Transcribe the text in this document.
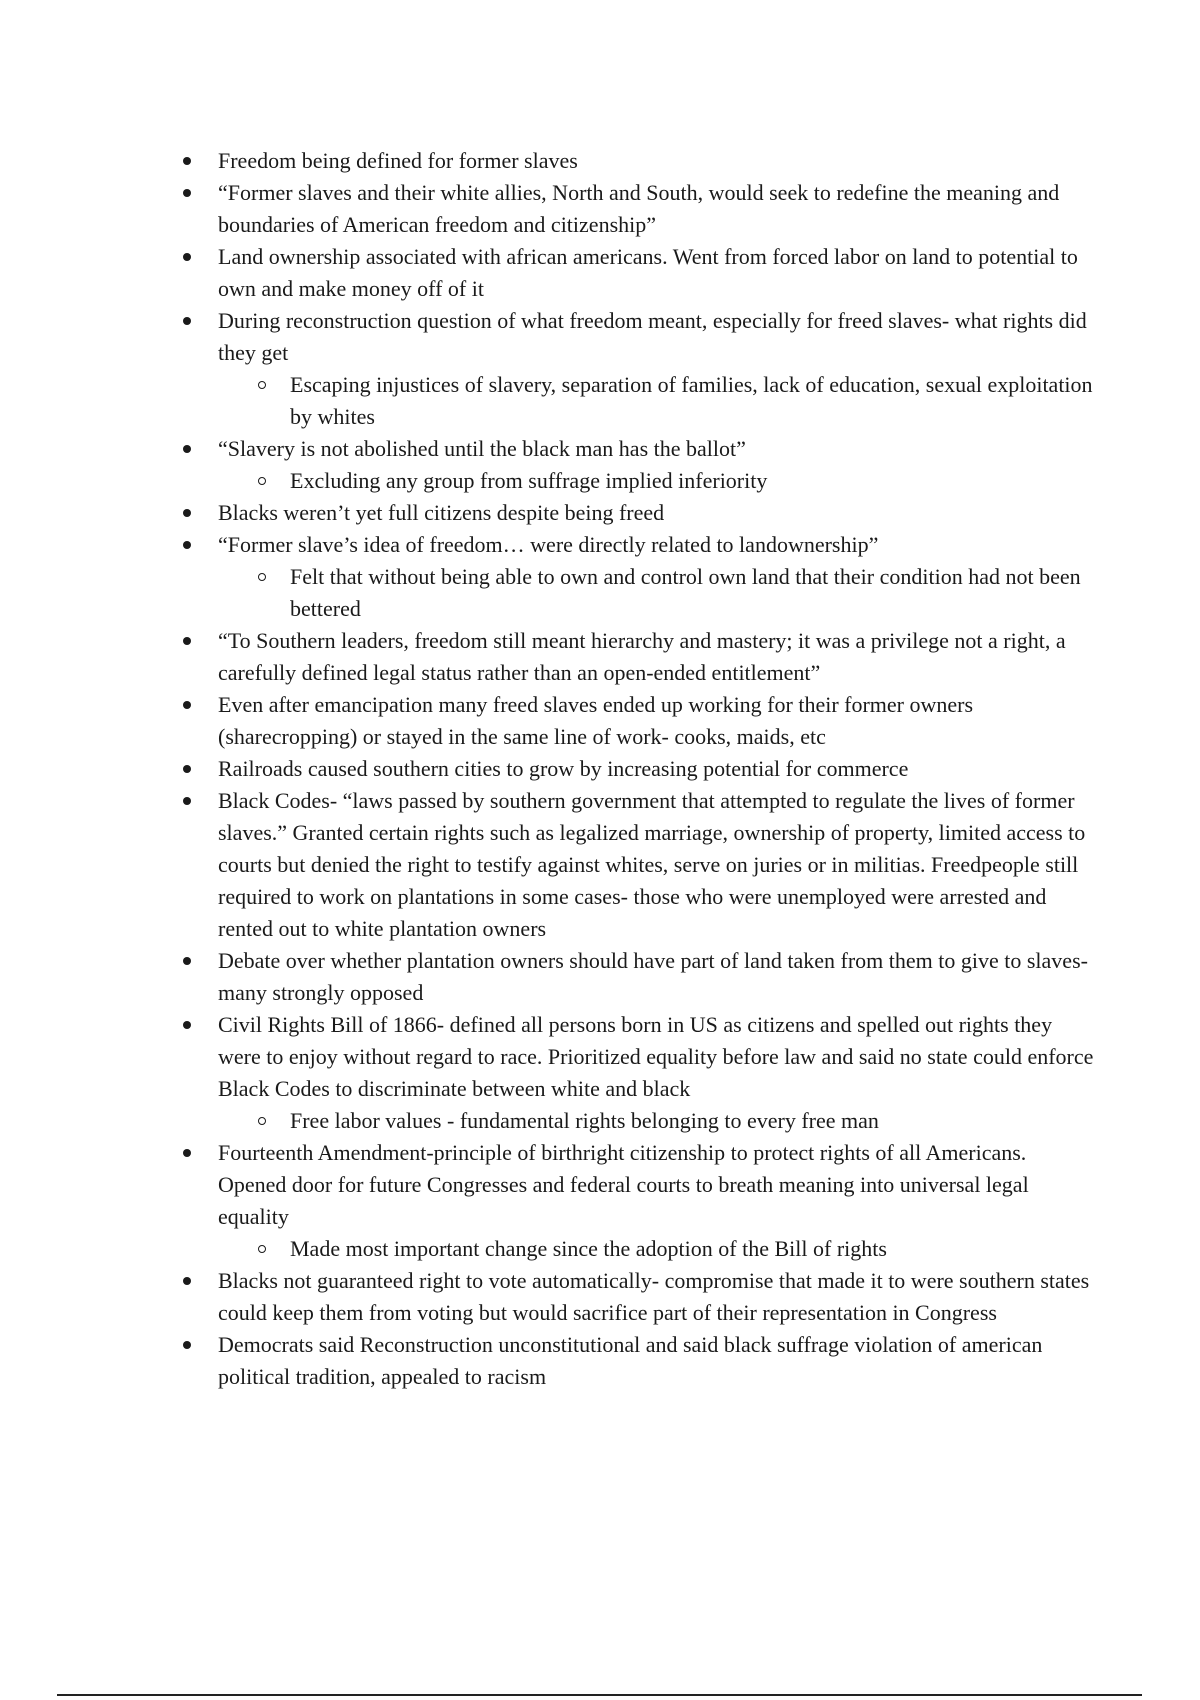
Freedom being defined for former slaves
“Former slaves and their white allies, North and South, would seek to redefine the meaning and boundaries of American freedom and citizenship”
Land ownership associated with african americans. Went from forced labor on land to potential to own and make money off of it
During reconstruction question of what freedom meant, especially for freed slaves- what rights did they get
Escaping injustices of slavery, separation of families, lack of education, sexual exploitation by whites
“Slavery is not abolished until the black man has the ballot”
Excluding any group from suffrage implied inferiority
Blacks weren’t yet full citizens despite being freed
“Former slave’s idea of freedom… were directly related to landownership”
Felt that without being able to own and control own land that their condition had not been bettered
“To Southern leaders, freedom still meant hierarchy and mastery; it was a privilege not a right, a carefully defined legal status rather than an open-ended entitlement”
Even after emancipation many freed slaves ended up working for their former owners (sharecropping) or stayed in the same line of work- cooks, maids, etc
Railroads caused southern cities to grow by increasing potential for commerce
Black Codes- “laws passed by southern government that attempted to regulate the lives of former slaves.” Granted certain rights such as legalized marriage, ownership of property, limited access to courts but denied the right to testify against whites, serve on juries or in militias. Freedpeople still required to work on plantations in some cases- those who were unemployed were arrested and rented out to white plantation owners
Debate over whether plantation owners should have part of land taken from them to give to slaves- many strongly opposed
Civil Rights Bill of 1866- defined all persons born in US as citizens and spelled out rights they were to enjoy without regard to race. Prioritized equality before law and said no state could enforce Black Codes to discriminate between white and black
Free labor values - fundamental rights belonging to every free man
Fourteenth Amendment-principle of birthright citizenship to protect rights of all Americans. Opened door for future Congresses and federal courts to breath meaning into universal legal equality
Made most important change since the adoption of the Bill of rights
Blacks not guaranteed right to vote automatically- compromise that made it to were southern states could keep them from voting but would sacrifice part of their representation in Congress
Democrats said Reconstruction unconstitutional and said black suffrage violation of american political tradition, appealed to racism
